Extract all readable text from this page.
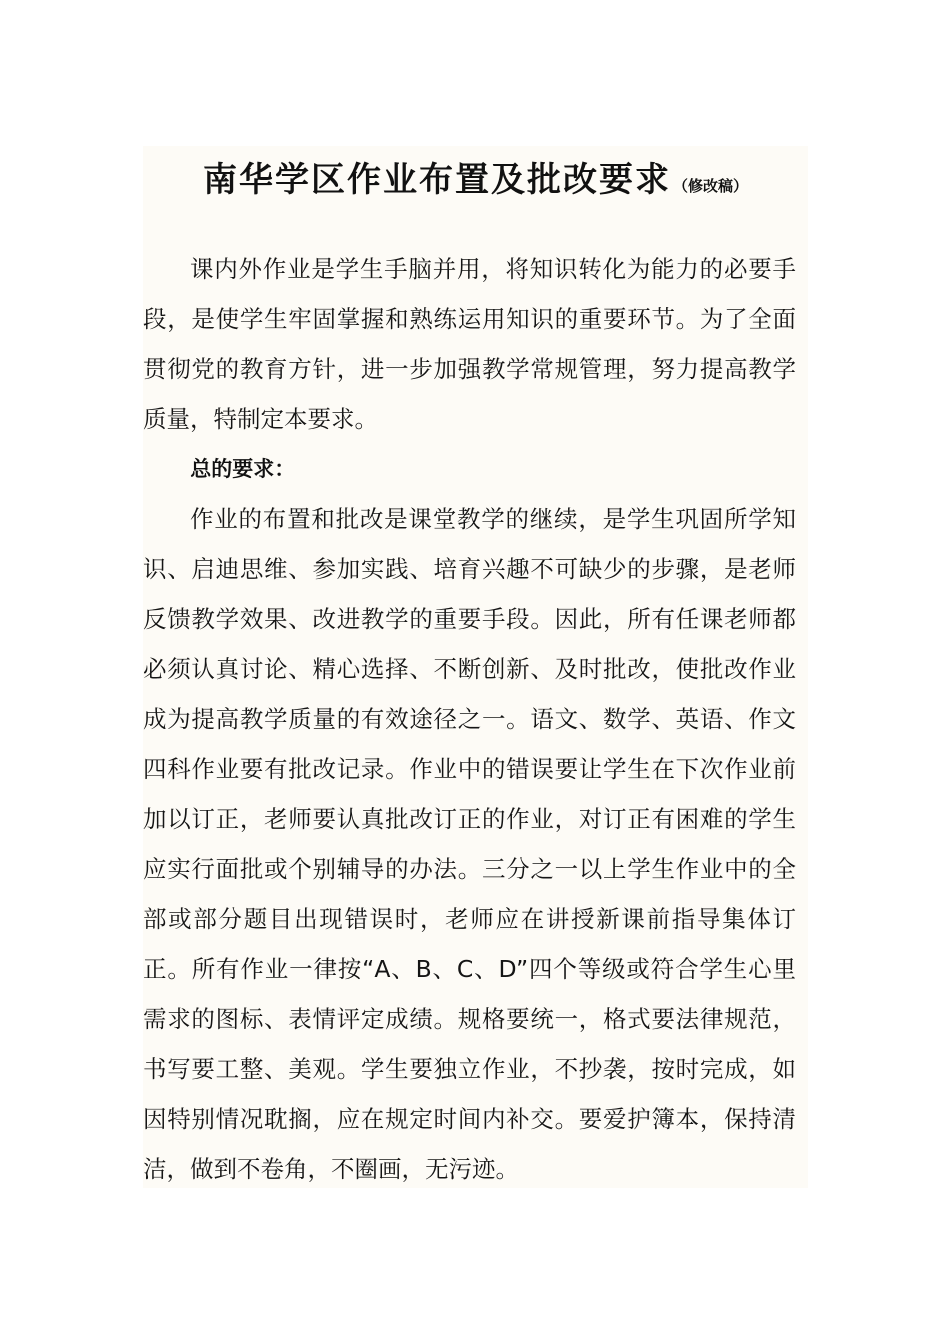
南华学区作业布置及批改要求 （修改稿）

课内外作业是学生手脑并用，将知识转化为能力的必要手段，是使学生牢固掌握和熟练运用知识的重要环节。为了全面贯彻党的教育方针，进一步加强教学常规管理，努力提高教学质量，特制定本要求。

总的要求：

作业的布置和批改是课堂教学的继续，是学生巩固所学知识、启迪思维、参加实践、培育兴趣不可缺少的步骤，是老师反馈教学效果、改进教学的重要手段。因此，所有任课老师都必须认真讨论、精心选择、不断创新、及时批改，使批改作业成为提高教学质量的有效途径之一。语文、数学、英语、作文四科作业要有批改记录。作业中的错误要让学生在下次作业前加以订正，老师要认真批改订正的作业，对订正有困难的学生应实行面批或个别辅导的办法。三分之一以上学生作业中的全部或部分题目出现错误时，老师应在讲授新课前指导集体订正。所有作业一律按“A、B、C、D”四个等级或符合学生心里需求的图标、表情评定成绩。规格要统一，格式要法律规范，书写要工整、美观。学生要独立作业，不抄袭，按时完成，如因特别情况耽搁，应在规定时间内补交。要爱护簿本，保持清洁，做到不卷角，不圈画，无污迹。
